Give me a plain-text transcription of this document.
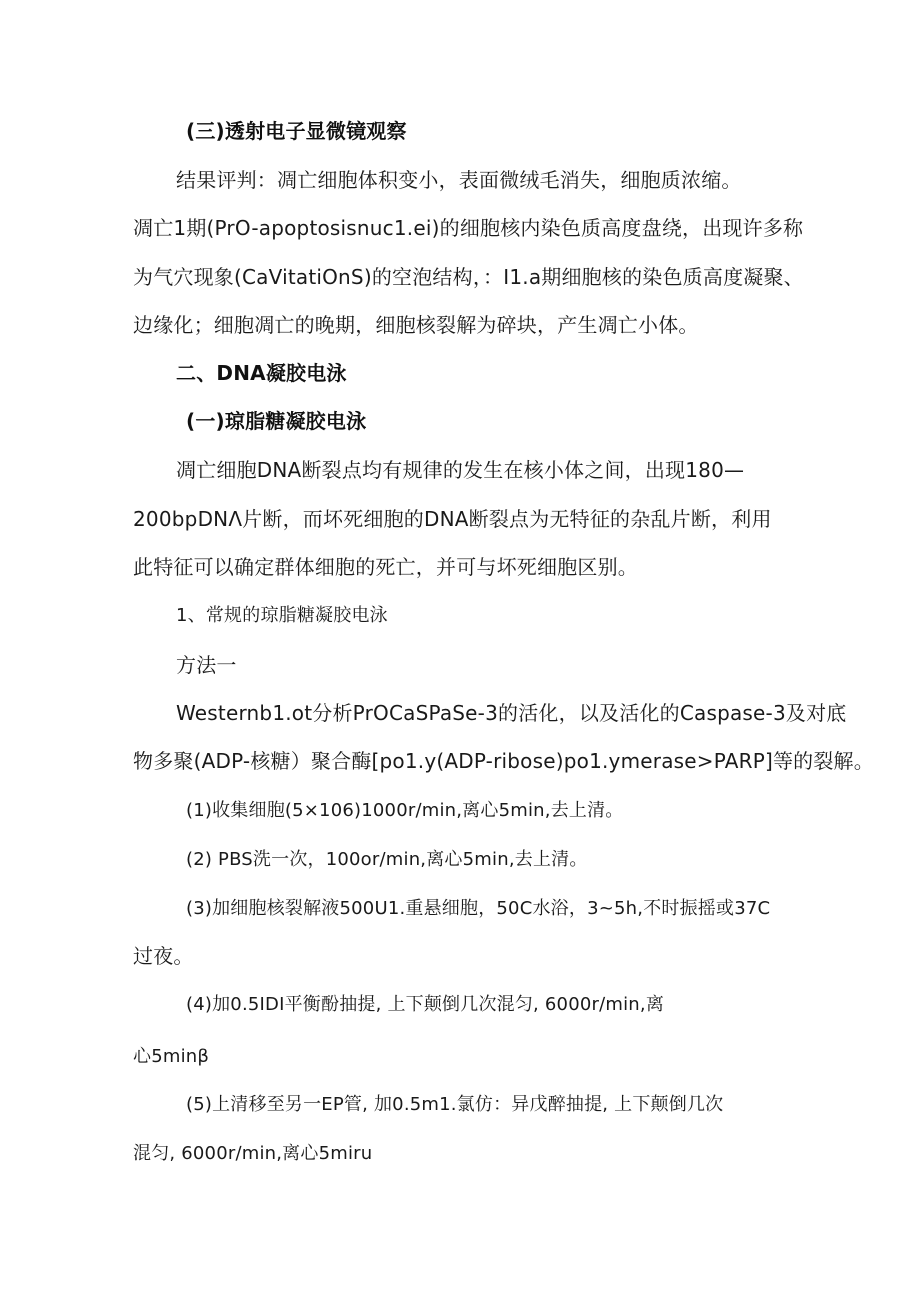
(三)透射电子显微镜观察
结果评判：凋亡细胞体积变小，表面微绒毛消失，细胞质浓缩。
凋亡1期(PrO-apoptosisnuc1.ei)的细胞核内染色质高度盘绕，出现许多称
为气穴现象(CaVitatiOnS)的空泡结构，：I1.a期细胞核的染色质高度凝聚、
边缘化；细胞凋亡的晚期，细胞核裂解为碎块，产生凋亡小体。
二、DNA凝胶电泳
(一)琼脂糖凝胶电泳
凋亡细胞DNA断裂点均有规律的发生在核小体之间，出现180—
200bpDNΛ片断，而坏死细胞的DNA断裂点为无特征的杂乱片断，利用
此特征可以确定群体细胞的死亡，并可与坏死细胞区别。
1、常规的琼脂糖凝胶电泳
方法一
Westernb1.ot分析PrOCaSPaSe-3的活化，以及活化的Caspase-3及对底
物多聚(ADP-核糖）聚合酶[po1.y(ADP-ribose)po1.ymerase>PARP]等的裂解。
(1)收集细胞(5×106)1000r∕min,离心5min,去上清。
(2) PBS洗一次，100or/min,离心5min,去上清。
(3)加细胞核裂解液500U1.重悬细胞，50C水浴，3~5h,不时振摇或37C
过夜。
(4)加0.5IDI平衡酚抽提, 上下颠倒几次混匀, 6000r∕min,离
心5minβ
(5)上清移至另一EP管, 加0.5m1.氯仿：异戊醉抽提, 上下颠倒几次
混匀, 6000r∕min,离心5miru
